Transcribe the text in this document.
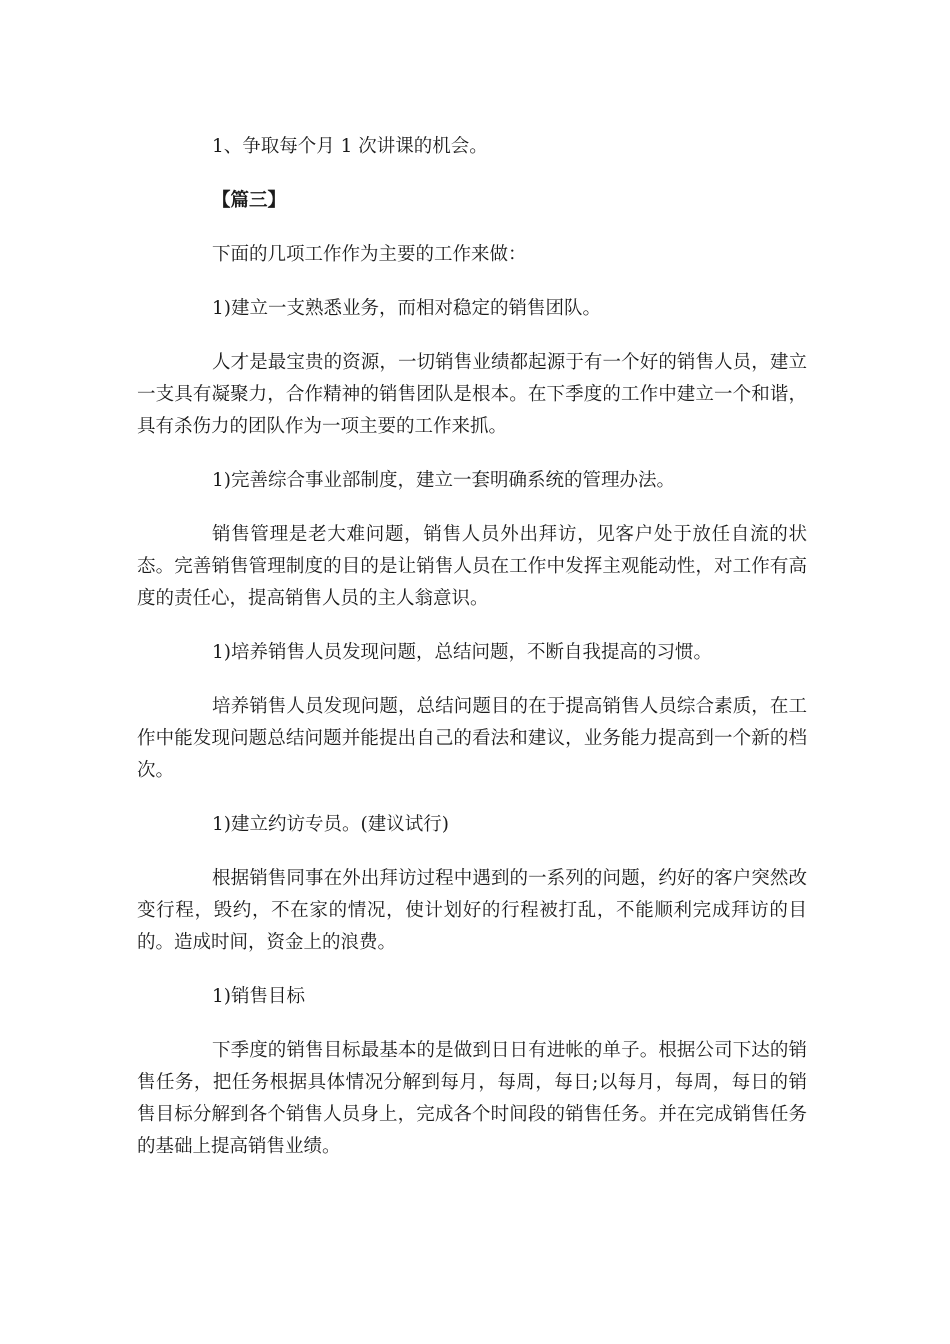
1、争取每个月 1 次讲课的机会。

【篇三】

下面的几项工作作为主要的工作来做：

1)建立一支熟悉业务，而相对稳定的销售团队。

人才是最宝贵的资源，一切销售业绩都起源于有一个好的销售人员，建立一支具有凝聚力，合作精神的销售团队是根本。在下季度的工作中建立一个和谐，具有杀伤力的团队作为一项主要的工作来抓。

1)完善综合事业部制度，建立一套明确系统的管理办法。

销售管理是老大难问题，销售人员外出拜访，见客户处于放任自流的状态。完善销售管理制度的目的是让销售人员在工作中发挥主观能动性，对工作有高度的责任心，提高销售人员的主人翁意识。

1)培养销售人员发现问题，总结问题，不断自我提高的习惯。

培养销售人员发现问题，总结问题目的在于提高销售人员综合素质，在工作中能发现问题总结问题并能提出自己的看法和建议，业务能力提高到一个新的档次。

1)建立约访专员。(建议试行)

根据销售同事在外出拜访过程中遇到的一系列的问题，约好的客户突然改变行程，毁约，不在家的情况，使计划好的行程被打乱，不能顺利完成拜访的目的。造成时间，资金上的浪费。

1)销售目标

下季度的销售目标最基本的是做到日日有进帐的单子。根据公司下达的销售任务，把任务根据具体情况分解到每月，每周，每日;以每月，每周，每日的销售目标分解到各个销售人员身上，完成各个时间段的销售任务。并在完成销售任务的基础上提高销售业绩。
